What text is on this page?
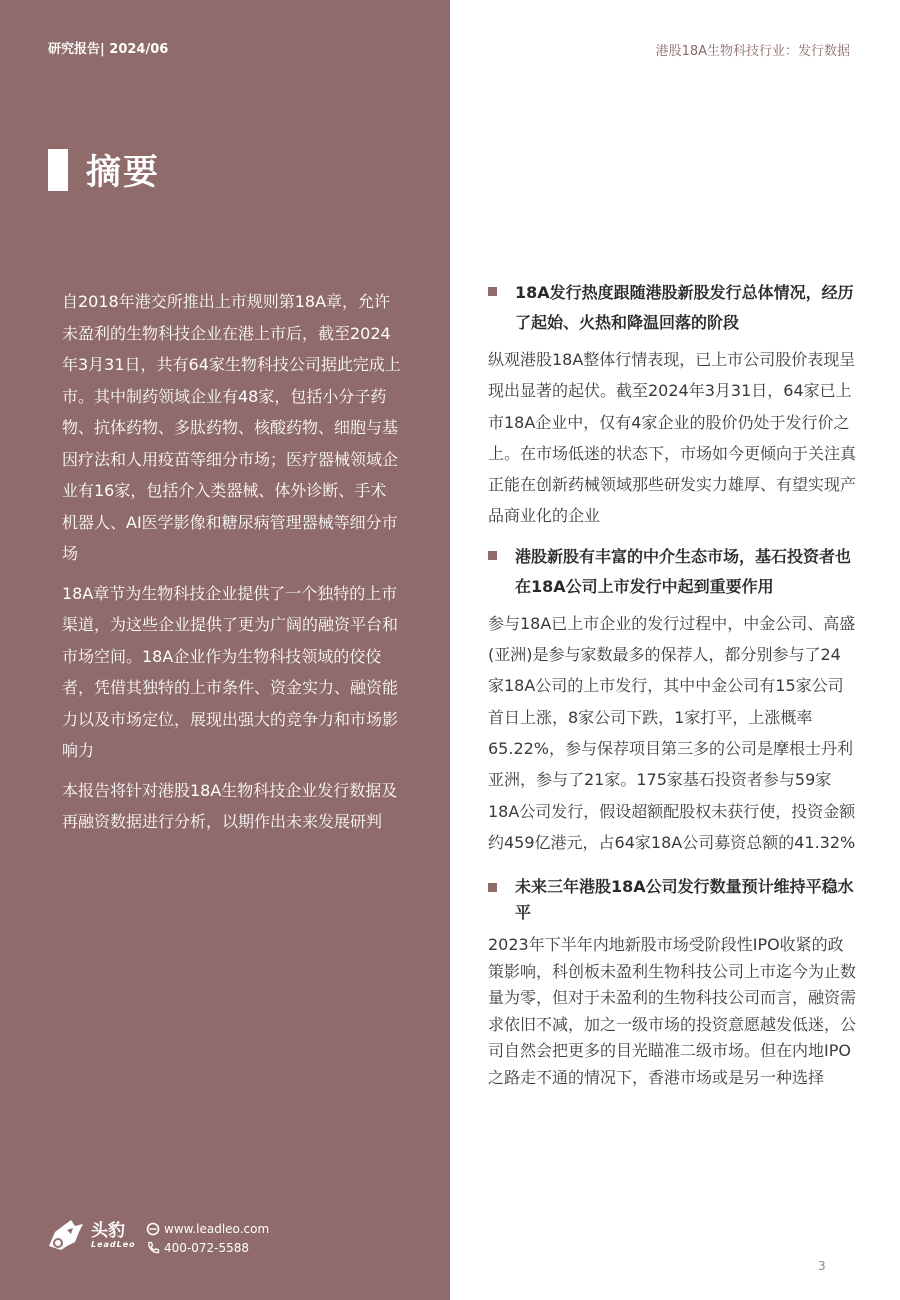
研究报告| 2024/06	港股18A生物科技行业：发行数据
摘要

自2018年港交所推出上市规则第18A章，允许未盈利的生物科技企业在港上市后，截至2024年3月31日，共有64家生物科技公司据此完成上市。其中制药领域企业有48家，包括小分子药物、抗体药物、多肽药物、核酸药物、细胞与基因疗法和人用疫苗等细分市场；医疗器械领域企业有16家，包括介入类器械、体外诊断、手术机器人、AI医学影像和糖尿病管理器械等细分市场

18A章节为生物科技企业提供了一个独特的上市渠道，为这些企业提供了更为广阔的融资平台和市场空间。18A企业作为生物科技领域的佼佼者，凭借其独特的上市条件、资金实力、融资能力以及市场定位，展现出强大的竞争力和市场影响力

本报告将针对港股18A生物科技企业发行数据及再融资数据进行分析，以期作出未来发展研判

18A发行热度跟随港股新股发行总体情况，经历了起始、火热和降温回落的阶段

纵观港股18A整体行情表现，已上市公司股价表现呈现出显著的起伏。截至2024年3月31日，64家已上市18A企业中，仅有4家企业的股价仍处于发行价之上。在市场低迷的状态下，市场如今更倾向于关注真正能在创新药械领域那些研发实力雄厚、有望实现产品商业化的企业

港股新股有丰富的中介生态市场，基石投资者也在18A公司上市发行中起到重要作用

参与18A已上市企业的发行过程中，中金公司、高盛(亚洲)是参与家数最多的保荐人，都分别参与了24家18A公司的上市发行，其中中金公司有15家公司首日上涨，8家公司下跌，1家打平，上涨概率65.22%，参与保荐项目第三多的公司是摩根士丹利亚洲，参与了21家。175家基石投资者参与59家18A公司发行，假设超额配股权未获行使，投资金额约459亿港元，占64家18A公司募资总额的41.32%

未来三年港股18A公司发行数量预计维持平稳水平

2023年下半年内地新股市场受阶段性IPO收紧的政策影响，科创板未盈利生物科技公司上市迄今为止数量为零，但对于未盈利的生物科技公司而言，融资需求依旧不减，加之一级市场的投资意愿越发低迷，公司自然会把更多的目光瞄准二级市场。但在内地IPO之路走不通的情况下，香港市场或是另一种选择

头豹
LeadLeo
www.leadleo.com
400-072-5588
3
